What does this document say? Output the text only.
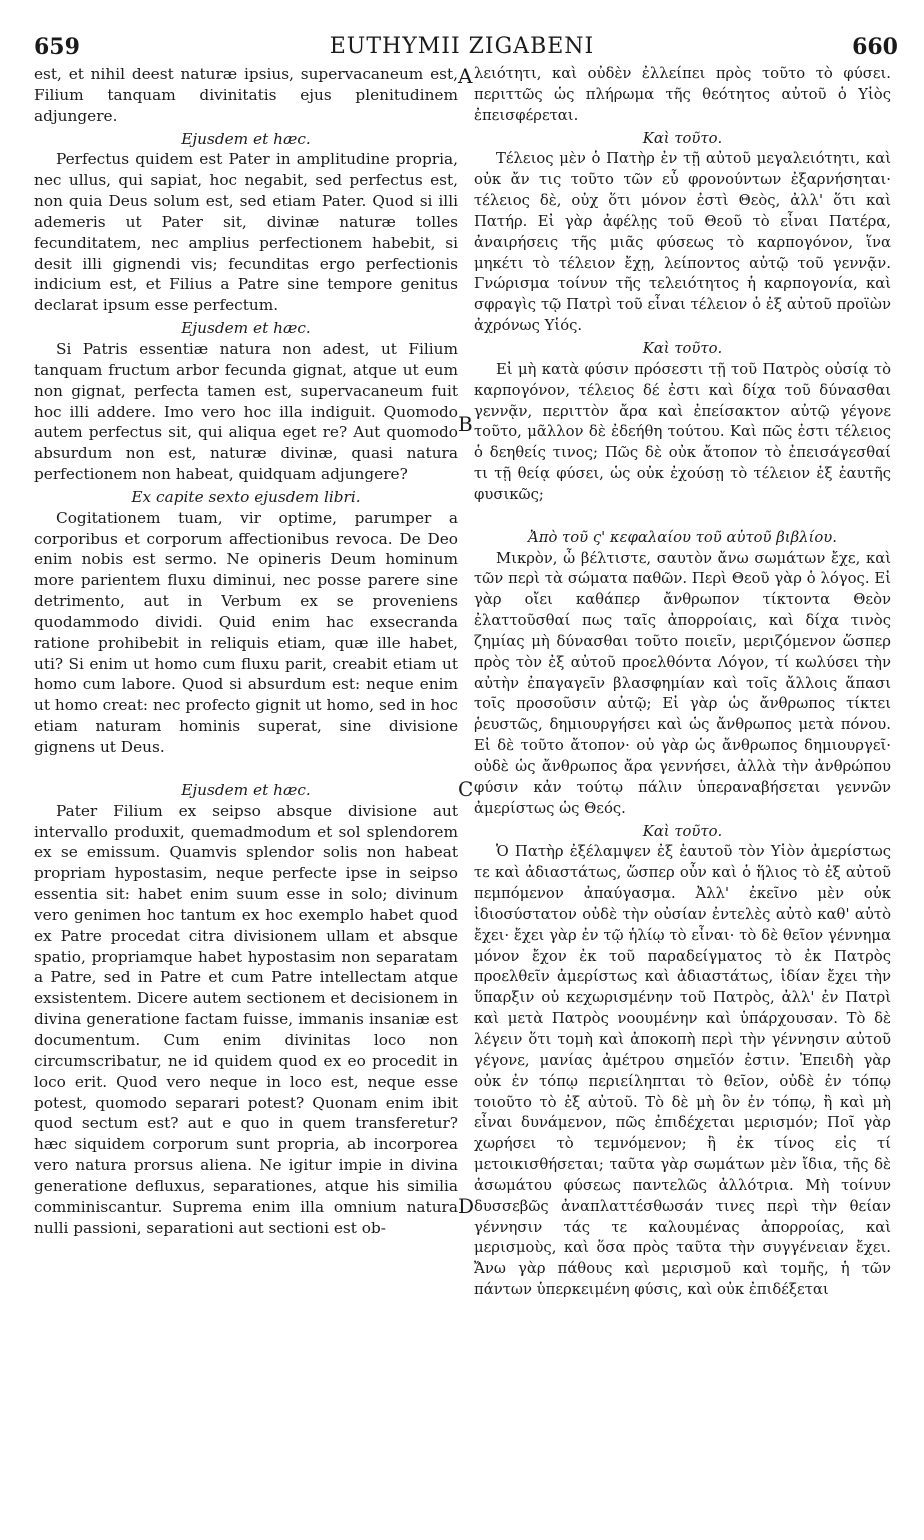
659	EUTHYMII ZIGABENI	660
A
B
C
D

est, et nihil deest naturæ ipsius, supervacaneum est, Filium tanquam divinitatis ejus plenitudinem adjungere.

Ejusdem et hæc.

Perfectus quidem est Pater in amplitudine propria, nec ullus, qui sapiat, hoc negabit, sed perfectus est, non quia Deus solum est, sed etiam Pater. Quod si illi ademeris ut Pater sit, divinæ naturæ tolles fecunditatem, nec amplius perfectionem habebit, si desit illi gignendi vis; fecunditas ergo perfectionis indicium est, et Filius a Patre sine tempore genitus declarat ipsum esse perfectum.

Ejusdem et hæc.

Si Patris essentiæ natura non adest, ut Filium tanquam fructum arbor fecunda gignat, atque ut eum non gignat, perfecta tamen est, supervacaneum fuit hoc illi addere. Imo vero hoc illa indiguit. Quomodo autem perfectus sit, qui aliqua eget re? Aut quomodo absurdum non est, naturæ divinæ, quasi natura perfectionem non habeat, quidquam adjungere?

Ex capite sexto ejusdem libri.

Cogitationem tuam, vir optime, parumper a corporibus et corporum affectionibus revoca. De Deo enim nobis est sermo. Ne opineris Deum hominum more parientem fluxu diminui, nec posse parere sine detrimento, aut in Verbum ex se proveniens quodammodo dividi. Quid enim hac exsecranda ratione prohibebit in reliquis etiam, quæ ille habet, uti? Si enim ut homo cum fluxu parit, creabit etiam ut homo cum labore. Quod si absurdum est: neque enim ut homo creat: nec profecto gignit ut homo, sed in hoc etiam naturam hominis superat, sine divisione gignens ut Deus.

Ejusdem et hæc.

Pater Filium ex seipso absque divisione aut intervallo produxit, quemadmodum et sol splendorem ex se emissum. Quamvis splendor solis non habeat propriam hypostasim, neque perfecte ipse in seipso essentia sit: habet enim suum esse in solo; divinum vero genimen hoc tantum ex hoc exemplo habet quod ex Patre procedat citra divisionem ullam et absque spatio, propriamque habet hypostasim non separatam a Patre, sed in Patre et cum Patre intellectam atque exsistentem. Dicere autem sectionem et decisionem in divina generatione factam fuisse, immanis insaniæ est documentum. Cum enim divinitas loco non circumscribatur, ne id quidem quod ex eo procedit in loco erit. Quod vero neque in loco est, neque esse potest, quomodo separari potest? Quonam enim ibit quod sectum est? aut e quo in quem transferetur? hæc siquidem corporum sunt propria, ab incorporea vero natura prorsus aliena. Ne igitur impie in divina generatione defluxus, separationes, atque his similia comminiscantur. Suprema enim illa omnium natura nulli passioni, separationi aut sectioni est ob-

λειότητι, καὶ οὐδὲν ἐλλείπει πρὸς τοῦτο τὸ φύσει. περιττῶς ὡς πλήρωμα τῆς θεότητος αὐτοῦ ὁ Υἱὸς ἐπεισφέρεται.

Καὶ τοῦτο.

Τέλειος μὲν ὁ Πατὴρ ἐν τῇ αὐτοῦ μεγαλειότητι, καὶ οὐκ ἄν τις τοῦτο τῶν εὖ φρονούντων ἐξαρνήσηται· τέλειος δὲ, οὐχ ὅτι μόνον ἐστὶ Θεὸς, ἀλλ' ὅτι καὶ Πατήρ. Εἰ γὰρ ἀφέλῃς τοῦ Θεοῦ τὸ εἶναι Πατέρα, ἀναιρήσεις τῆς μιᾶς φύσεως τὸ καρπογόνον, ἵνα μηκέτι τὸ τέλειον ἔχῃ, λείποντος αὐτῷ τοῦ γεννᾷν. Γνώρισμα τοίνυν τῆς τελειότητος ἡ καρπογονία, καὶ σφραγὶς τῷ Πατρὶ τοῦ εἶναι τέλειον ὁ ἐξ αὐτοῦ προϊὼν ἀχρόνως Υἱός.

Καὶ τοῦτο.

Εἰ μὴ κατὰ φύσιν πρόσεστι τῇ τοῦ Πατρὸς οὐσίᾳ τὸ καρπογόνον, τέλειος δέ ἐστι καὶ δίχα τοῦ δύνασθαι γεννᾷν, περιττὸν ἄρα καὶ ἐπείσακτον αὐτῷ γέγονε τοῦτο, μᾶλλον δὲ ἐδεήθη τούτου. Καὶ πῶς ἐστι τέλειος ὁ δεηθείς τινος; Πῶς δὲ οὐκ ἄτοπον τὸ ἐπεισάγεσθαί τι τῇ θείᾳ φύσει, ὡς οὐκ ἐχούσῃ τὸ τέλειον ἐξ ἑαυτῆς φυσικῶς;

Ἀπὸ τοῦ ς' κεφαλαίου τοῦ αὐτοῦ βιβλίου.

Μικρὸν, ὦ βέλτιστε, σαυτὸν ἄνω σωμάτων ἔχε, καὶ τῶν περὶ τὰ σώματα παθῶν. Περὶ Θεοῦ γὰρ ὁ λόγος. Εἰ γὰρ οἴει καθάπερ ἄνθρωπον τίκτοντα Θεὸν ἐλαττοῦσθαί πως ταῖς ἀπορροίαις, καὶ δίχα τινὸς ζημίας μὴ δύνασθαι τοῦτο ποιεῖν, μεριζόμενον ὥσπερ πρὸς τὸν ἐξ αὐτοῦ προελθόντα Λόγον, τί κωλύσει τὴν αὐτὴν ἐπαγαγεῖν βλασφημίαν καὶ τοῖς ἄλλοις ἅπασι τοῖς προσοῦσιν αὐτῷ; Εἰ γὰρ ὡς ἄνθρωπος τίκτει ῥευστῶς, δημιουργήσει καὶ ὡς ἄνθρωπος μετὰ πόνου. Εἰ δὲ τοῦτο ἄτοπον· οὐ γὰρ ὡς ἄνθρωπος δημιουργεῖ· οὐδὲ ὡς ἄνθρωπος ἄρα γεννήσει, ἀλλὰ τὴν ἀνθρώπου φύσιν κἀν τούτῳ πάλιν ὑπεραναβήσεται γεννῶν ἀμερίστως ὡς Θεός.

Καὶ τοῦτο.

Ὁ Πατὴρ ἐξέλαμψεν ἐξ ἑαυτοῦ τὸν Υἱὸν ἀμερίστως τε καὶ ἀδιαστάτως, ὥσπερ οὖν καὶ ὁ ἥλιος τὸ ἐξ αὐτοῦ πεμπόμενον ἀπαύγασμα. Ἀλλ' ἐκεῖνο μὲν οὐκ ἰδιοσύστατον οὐδὲ τὴν οὐσίαν ἐντελὲς αὐτὸ καθ' αὑτὸ ἔχει· ἔχει γὰρ ἐν τῷ ἡλίῳ τὸ εἶναι· τὸ δὲ θεῖον γέννημα μόνον ἔχον ἐκ τοῦ παραδείγματος τὸ ἐκ Πατρὸς προελθεῖν ἀμερίστως καὶ ἀδιαστάτως, ἰδίαν ἔχει τὴν ὕπαρξιν οὐ κεχωρισμένην τοῦ Πατρὸς, ἀλλ' ἐν Πατρὶ καὶ μετὰ Πατρὸς νοουμένην καὶ ὑπάρχουσαν. Τὸ δὲ λέγειν ὅτι τομὴ καὶ ἀποκοπὴ περὶ τὴν γέννησιν αὐτοῦ γέγονε, μανίας ἀμέτρου σημεῖόν ἐστιν. Ἐπειδὴ γὰρ οὐκ ἐν τόπῳ περιείληπται τὸ θεῖον, οὐδὲ ἐν τόπῳ τοιοῦτο τὸ ἐξ αὐτοῦ. Τὸ δὲ μὴ ὂν ἐν τόπῳ, ἢ καὶ μὴ εἶναι δυνάμενον, πῶς ἐπιδέχεται μερισμόν; Ποῖ γὰρ χωρήσει τὸ τεμνόμενον; ἢ ἐκ τίνος εἰς τί μετοικισθήσεται; ταῦτα γὰρ σωμάτων μὲν ἴδια, τῆς δὲ ἀσωμάτου φύσεως παντελῶς ἀλλότρια. Μὴ τοίνυν δυσσεβῶς ἀναπλαττέσθωσάν τινες περὶ τὴν θείαν γέννησιν τάς τε καλουμένας ἀπορροίας, καὶ μερισμοὺς, καὶ ὅσα πρὸς ταῦτα τὴν συγγένειαν ἔχει. Ἄνω γὰρ πάθους καὶ μερισμοῦ καὶ τομῆς, ἡ τῶν πάντων ὑπερκειμένη φύσις, καὶ οὐκ ἐπιδέξεται
